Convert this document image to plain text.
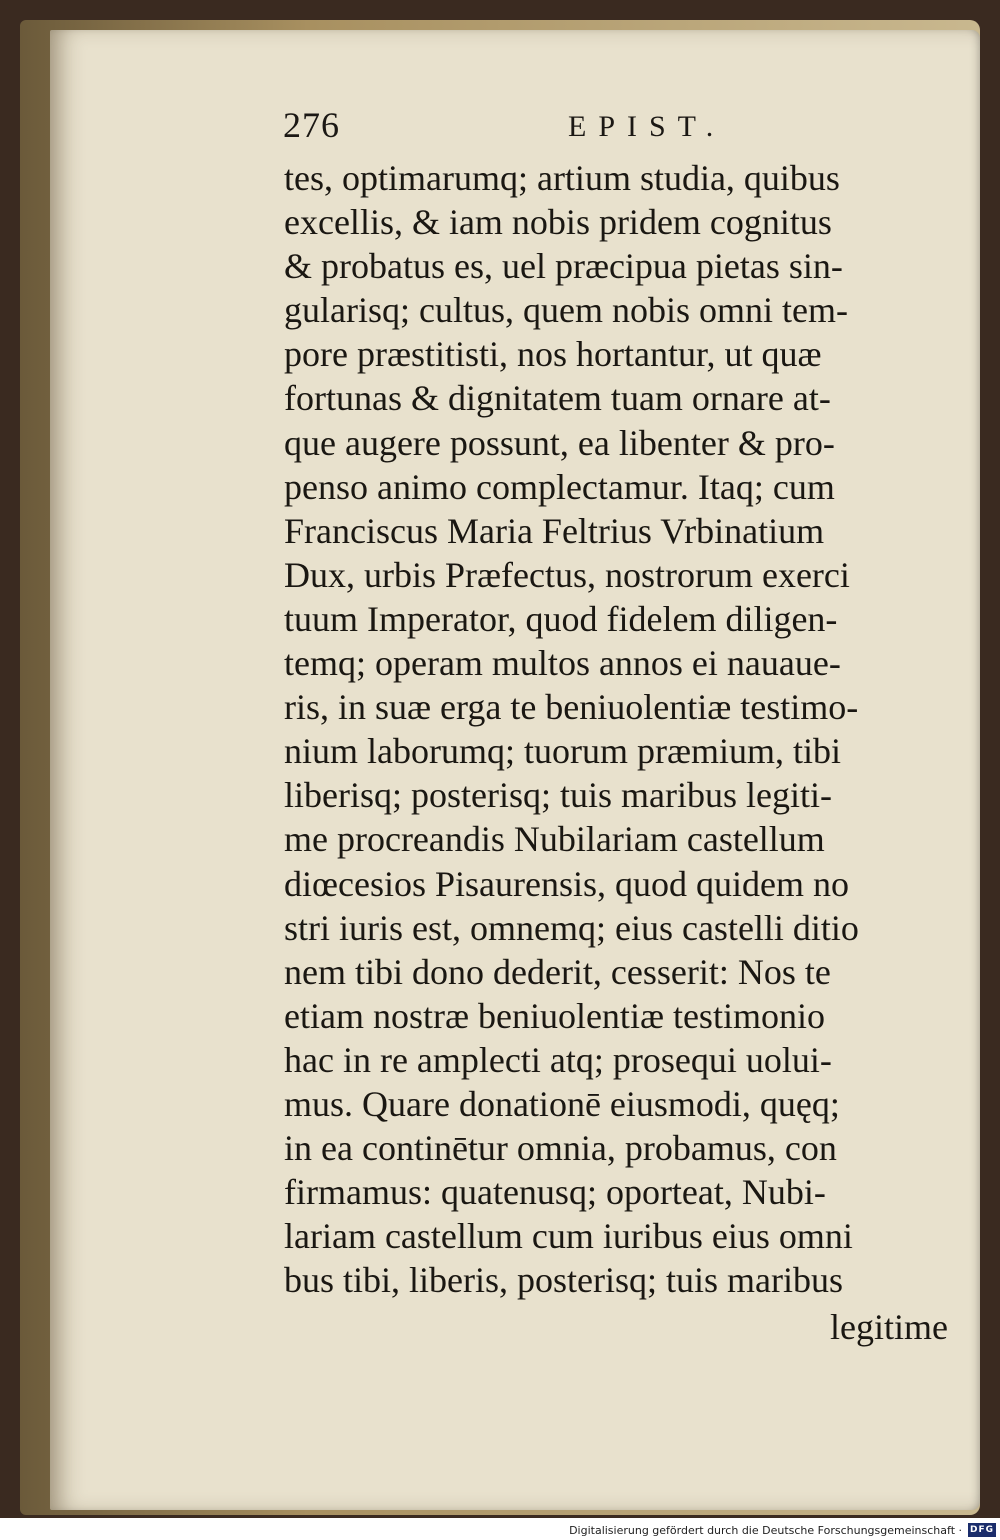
276	EPIST.
tes, optimarumq; artium studia, quibus
excellis, & iam nobis pridem cognitus
& probatus es, uel præcipua pietas sin-
gularisq; cultus, quem nobis omni tem-
pore præstitisti, nos hortantur, ut quæ
fortunas & dignitatem tuam ornare at-
que augere possunt, ea libenter & pro-
penso animo complectamur. Itaq; cum
Franciscus Maria Feltrius Vrbinatium
Dux, urbis Præfectus, nostrorum exerci
tuum Imperator, quod fidelem diligen-
temq; operam multos annos ei nauaue-
ris, in suæ erga te beniuolentiæ testimo-
nium laborumq; tuorum præmium, tibi
liberisq; posterisq; tuis maribus legiti-
me procreandis Nubilariam castellum
diœcesios Pisaurensis, quod quidem no
stri iuris est, omnemq; eius castelli ditio
nem tibi dono dederit, cesserit: Nos te
etiam nostræ beniuolentiæ testimonio
hac in re amplecti atq; prosequi uolui-
mus. Quare donationē eiusmodi, quęq;
in ea continētur omnia, probamus, con
firmamus: quatenusq; oporteat, Nubi-
lariam castellum cum iuribus eius omni
bus tibi, liberis, posterisq; tuis maribus
legitime
Digitalisierung gefördert durch die Deutsche Forschungsgemeinschaft · DFG
